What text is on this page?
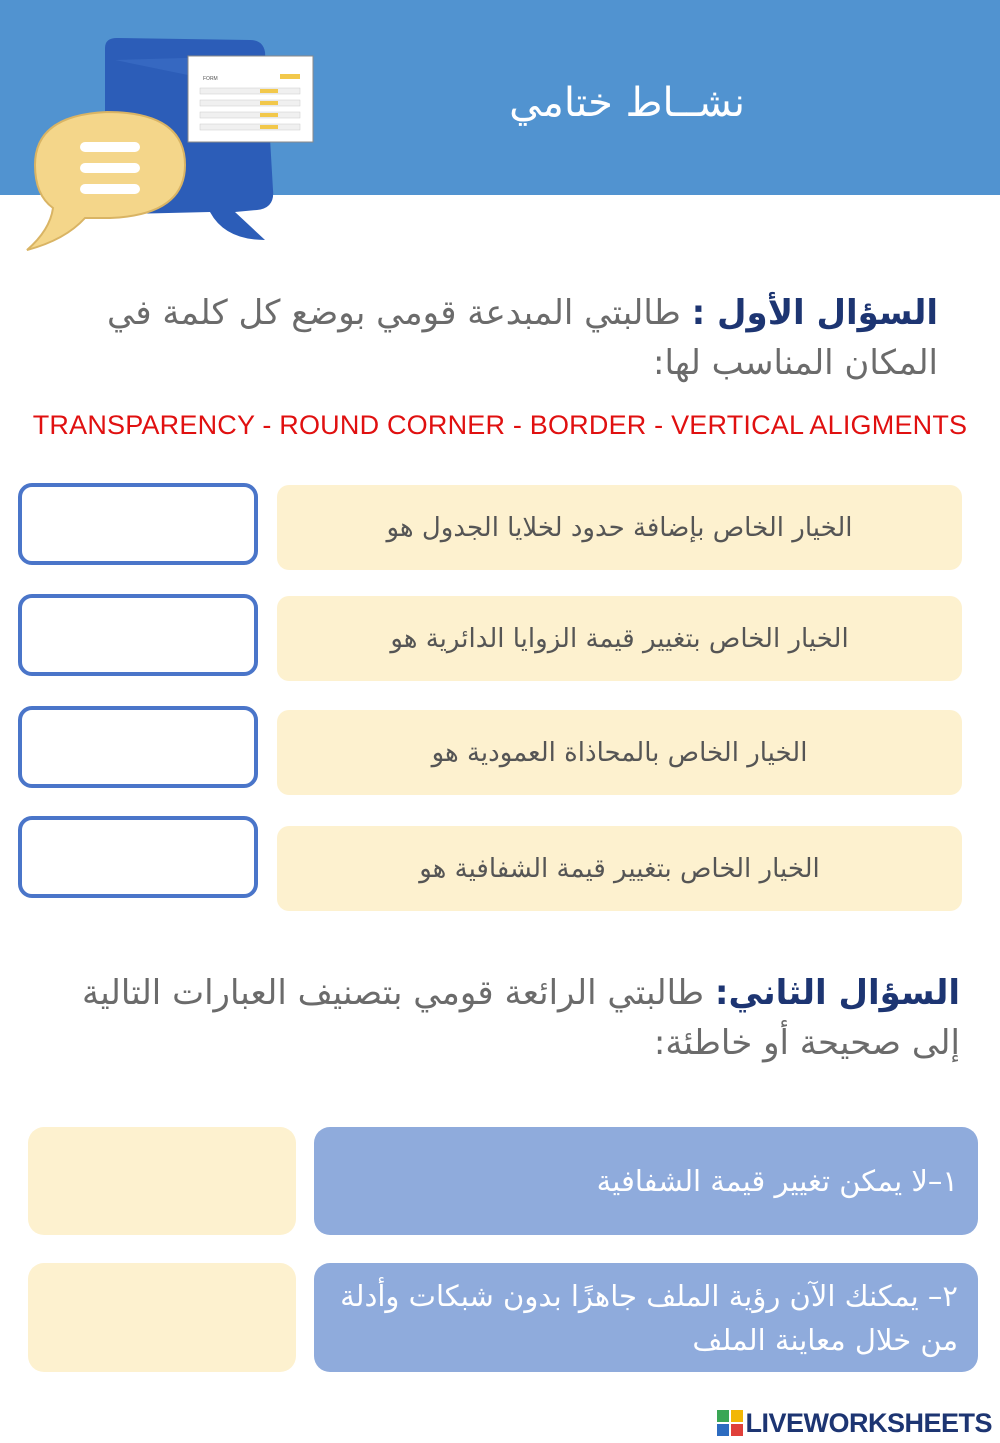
نشــاط ختامي
FORM
السؤال الأول : طالبتي المبدعة قومي بوضع كل كلمة في المكان المناسب لها:
TRANSPARENCY - ROUND CORNER - BORDER - VERTICAL ALIGMENTS
الخيار الخاص بإضافة حدود لخلايا الجدول هو
الخيار الخاص بتغيير قيمة الزوايا الدائرية هو
الخيار الخاص بالمحاذاة العمودية هو
الخيار الخاص بتغيير قيمة الشفافية هو
السؤال الثاني: طالبتي الرائعة قومي بتصنيف العبارات التالية إلى صحيحة أو خاطئة:
١–لا يمكن تغيير قيمة الشفافية
٢– يمكنك الآن رؤية الملف جاهزًا بدون شبكات وأدلة من خلال معاينة الملف
LIVEWORKSHEETS
